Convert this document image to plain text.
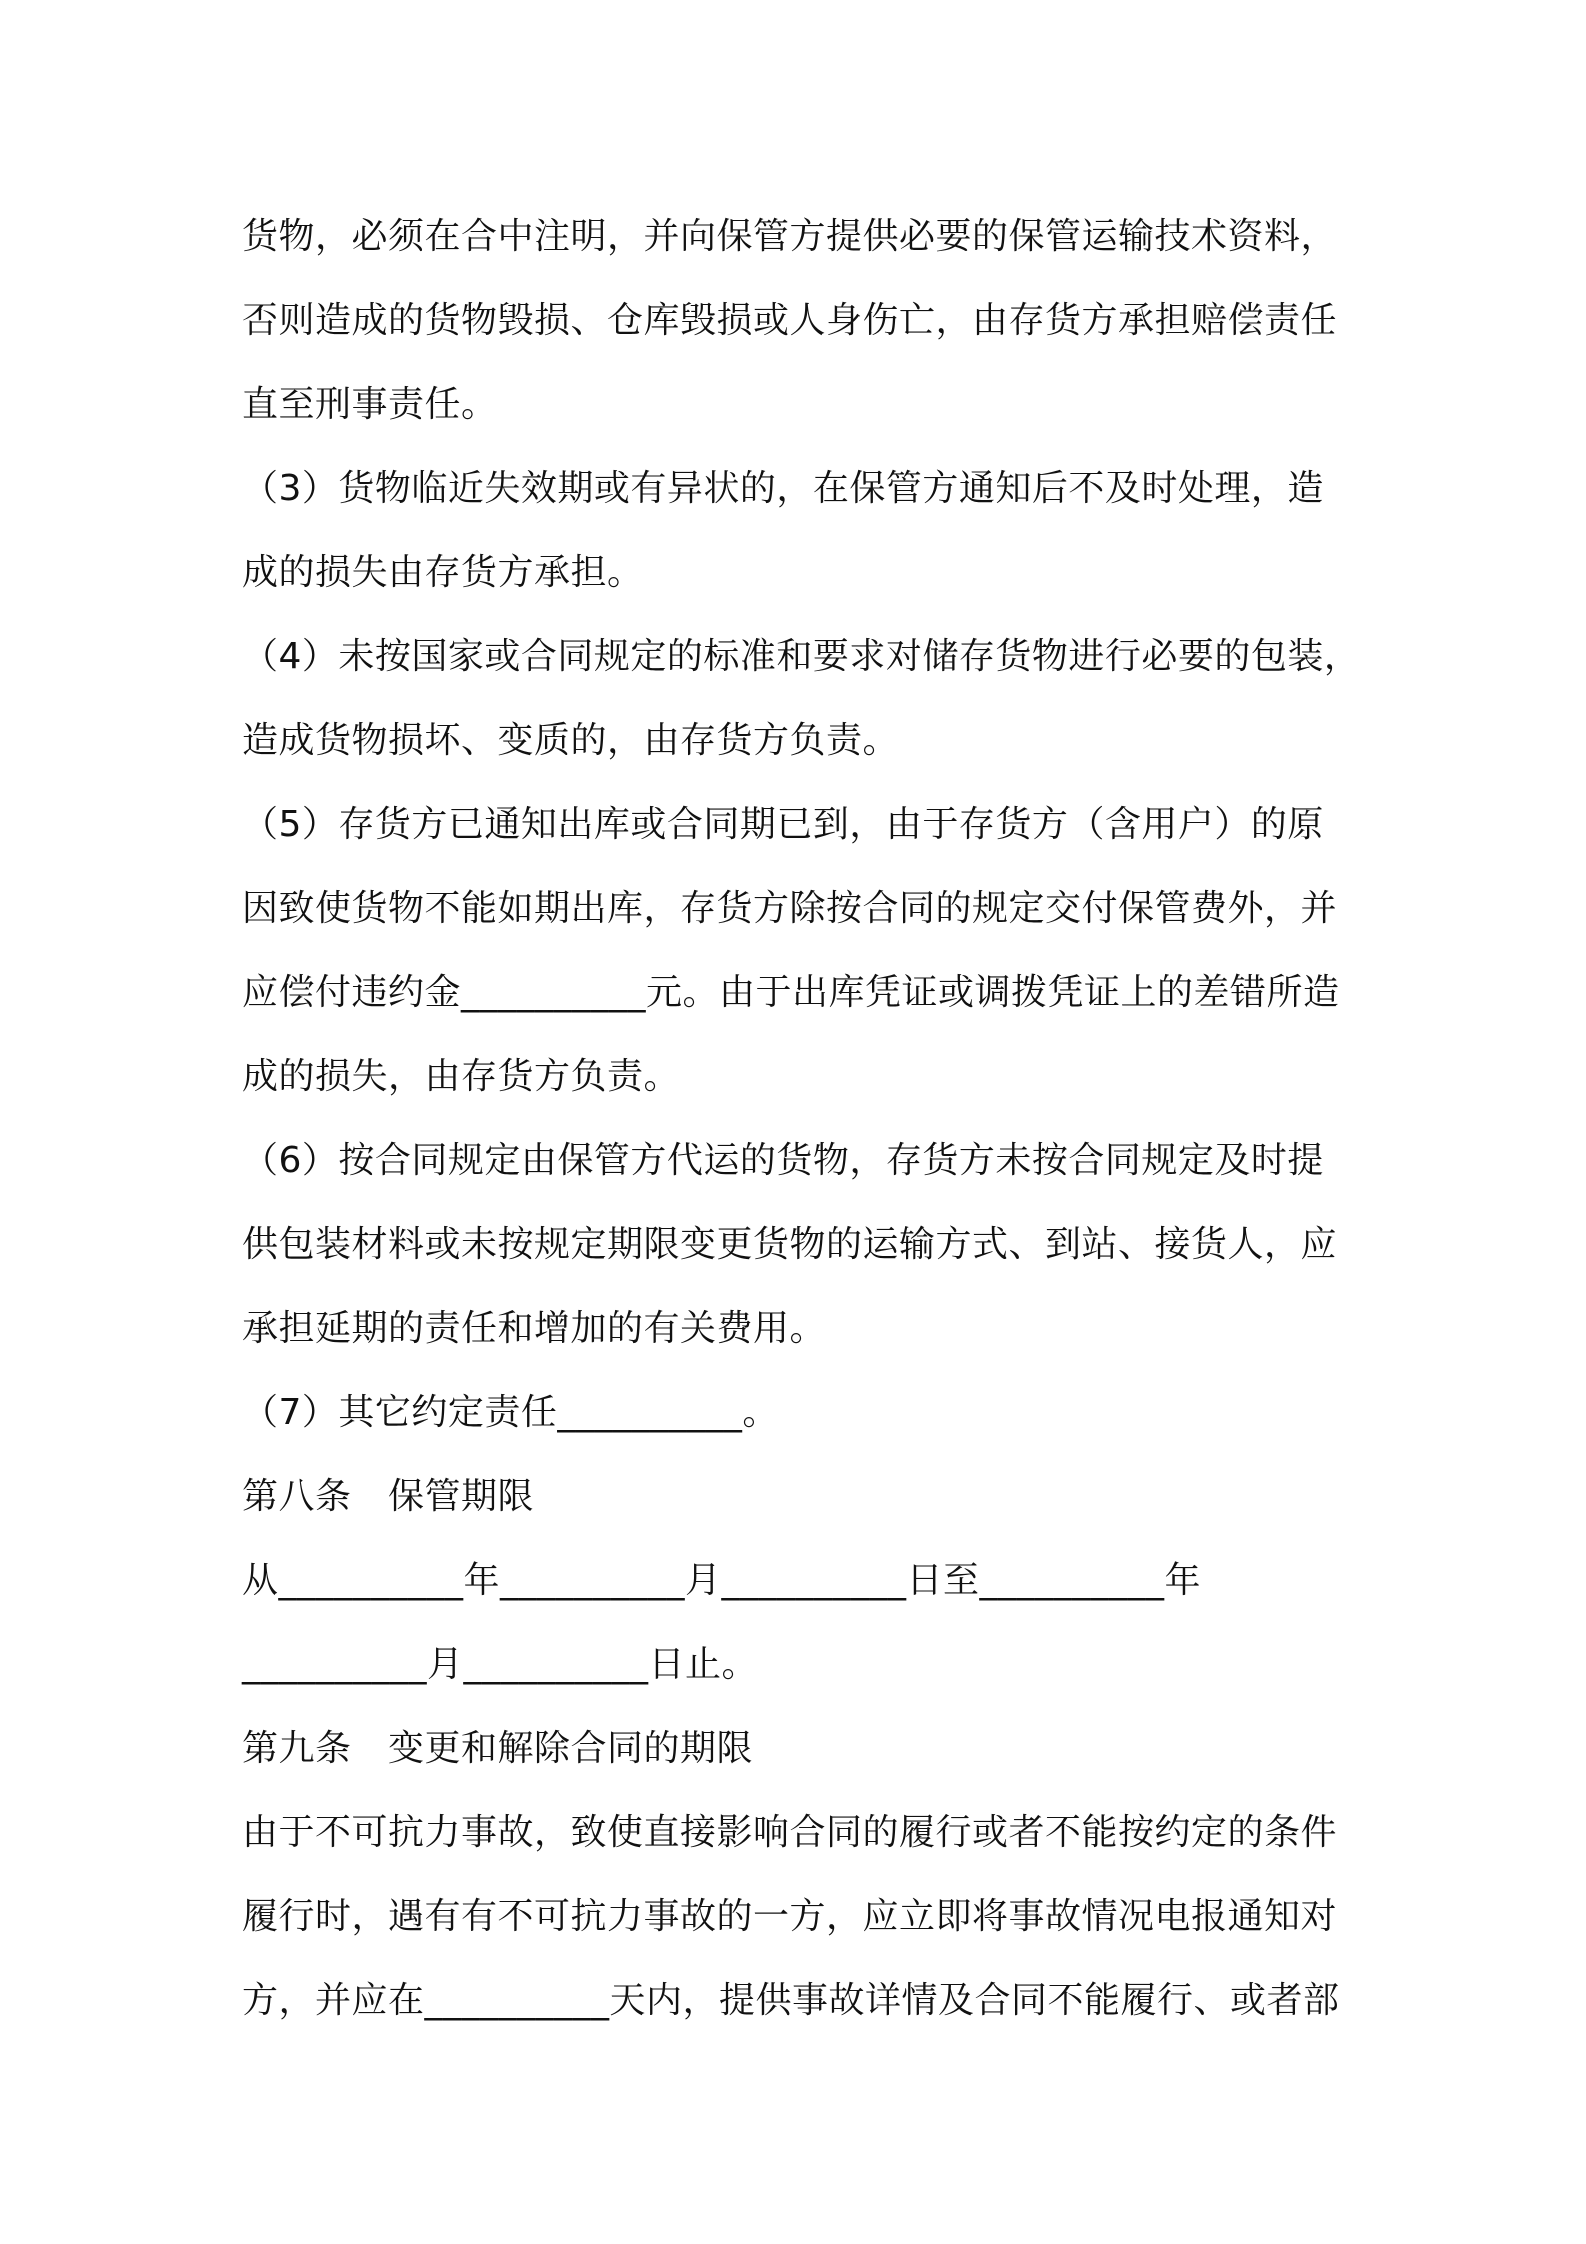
货物，必须在合中注明，并向保管方提供必要的保管运输技术资料，
否则造成的货物毁损、仓库毁损或人身伤亡，由存货方承担赔偿责任
直至刑事责任。
（3）货物临近失效期或有异状的，在保管方通知后不及时处理，造
成的损失由存货方承担。
（4）未按国家或合同规定的标准和要求对储存货物进行必要的包装，
造成货物损坏、变质的，由存货方负责。
（5）存货方已通知出库或合同期已到，由于存货方（含用户）的原
因致使货物不能如期出库，存货方除按合同的规定交付保管费外，并
应偿付违约金__________元。由于出库凭证或调拨凭证上的差错所造
成的损失，由存货方负责。
（6）按合同规定由保管方代运的货物，存货方未按合同规定及时提
供包装材料或未按规定期限变更货物的运输方式、到站、接货人，应
承担延期的责任和增加的有关费用。
（7）其它约定责任__________。
第八条　保管期限
从__________年__________月__________日至__________年
__________月__________日止。
第九条　变更和解除合同的期限
由于不可抗力事故，致使直接影响合同的履行或者不能按约定的条件
履行时，遇有有不可抗力事故的一方，应立即将事故情况电报通知对
方，并应在__________天内，提供事故详情及合同不能履行、或者部
